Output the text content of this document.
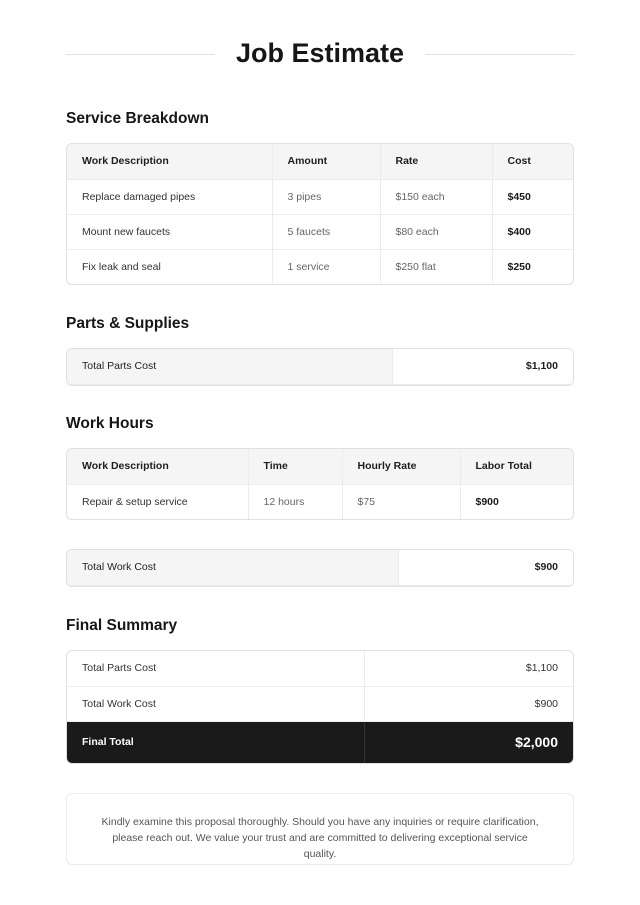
Job Estimate
Service Breakdown
Work Description	Amount	Rate	Cost
Replace damaged pipes	3 pipes	$150 each	$450
Mount new faucets	5 faucets	$80 each	$400
Fix leak and seal	1 service	$250 flat	$250
Parts & Supplies
Total Parts Cost	$1,100
Work Hours
Work Description	Time	Hourly Rate	Labor Total
Repair & setup service	12 hours	$75	$900
Total Work Cost	$900
Final Summary
Total Parts Cost	$1,100
Total Work Cost	$900
Final Total	$2,000
Kindly examine this proposal thoroughly. Should you have any inquiries or require clarification, please reach out. We value your trust and are committed to delivering exceptional service quality.
